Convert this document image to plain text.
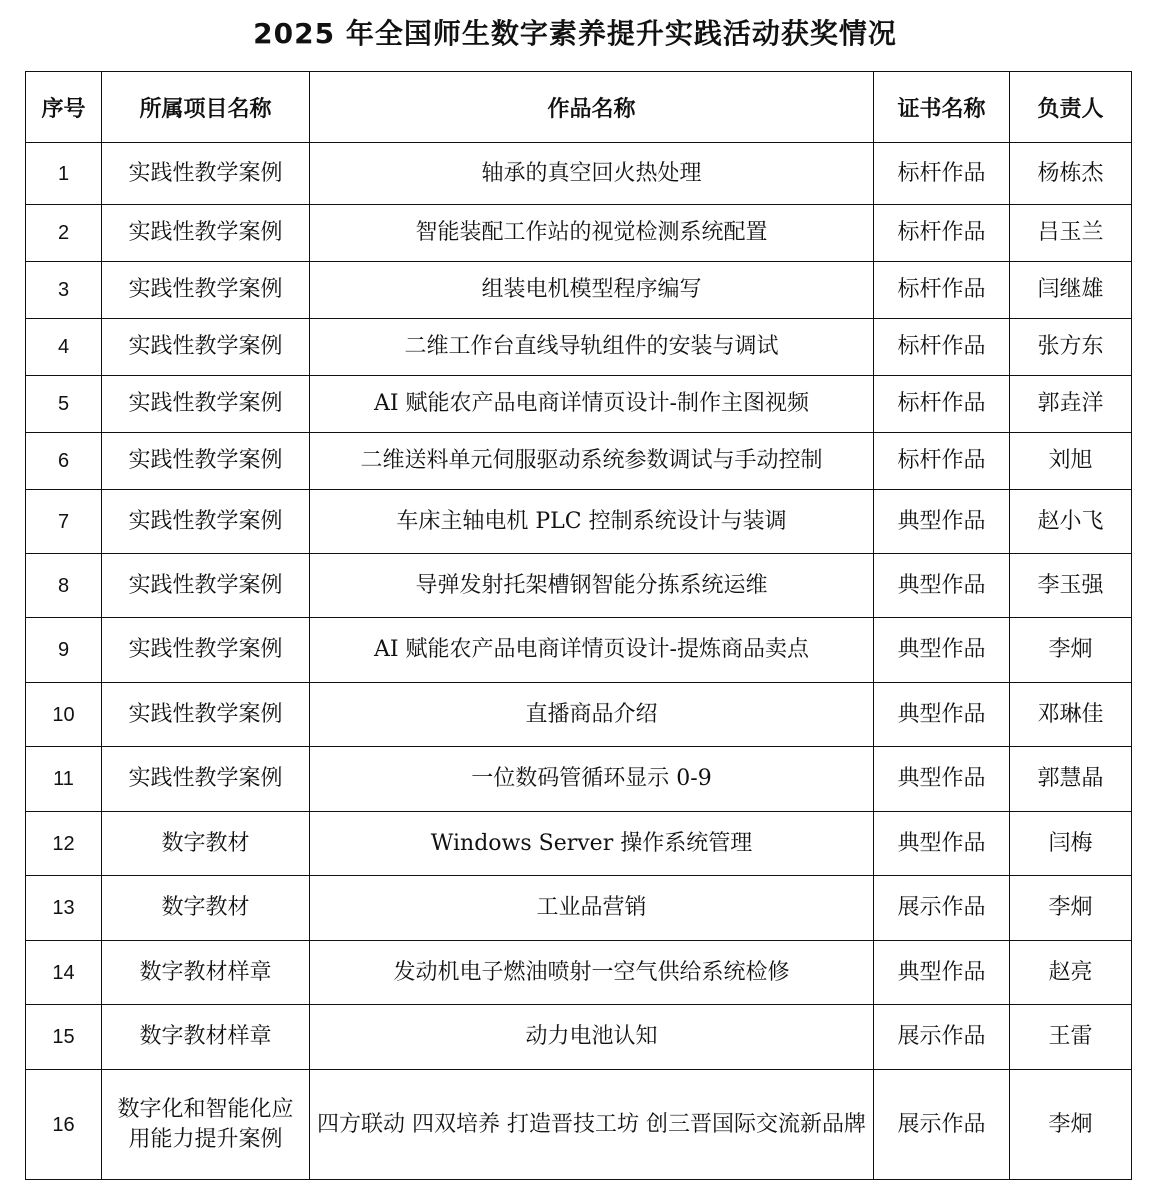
2025 年全国师生数字素养提升实践活动获奖情况
序号	所属项目名称	作品名称	证书名称	负责人
1	实践性教学案例	轴承的真空回火热处理	标杆作品	杨栋杰
2	实践性教学案例	智能装配工作站的视觉检测系统配置	标杆作品	吕玉兰
3	实践性教学案例	组装电机模型程序编写	标杆作品	闫继雄
4	实践性教学案例	二维工作台直线导轨组件的安装与调试	标杆作品	张方东
5	实践性教学案例	AI 赋能农产品电商详情页设计-制作主图视频	标杆作品	郭垚洋
6	实践性教学案例	二维送料单元伺服驱动系统参数调试与手动控制	标杆作品	刘旭
7	实践性教学案例	车床主轴电机 PLC 控制系统设计与装调	典型作品	赵小飞
8	实践性教学案例	导弹发射托架槽钢智能分拣系统运维	典型作品	李玉强
9	实践性教学案例	AI 赋能农产品电商详情页设计-提炼商品卖点	典型作品	李炯
10	实践性教学案例	直播商品介绍	典型作品	邓琳佳
11	实践性教学案例	一位数码管循环显示 0-9	典型作品	郭慧晶
12	数字教材	Windows Server 操作系统管理	典型作品	闫梅
13	数字教材	工业品营销	展示作品	李炯
14	数字教材样章	发动机电子燃油喷射一空气供给系统检修	典型作品	赵亮
15	数字教材样章	动力电池认知	展示作品	王雷
16	数字化和智能化应用能力提升案例	四方联动 四双培养 打造晋技工坊 创三晋国际交流新品牌	展示作品	李炯
